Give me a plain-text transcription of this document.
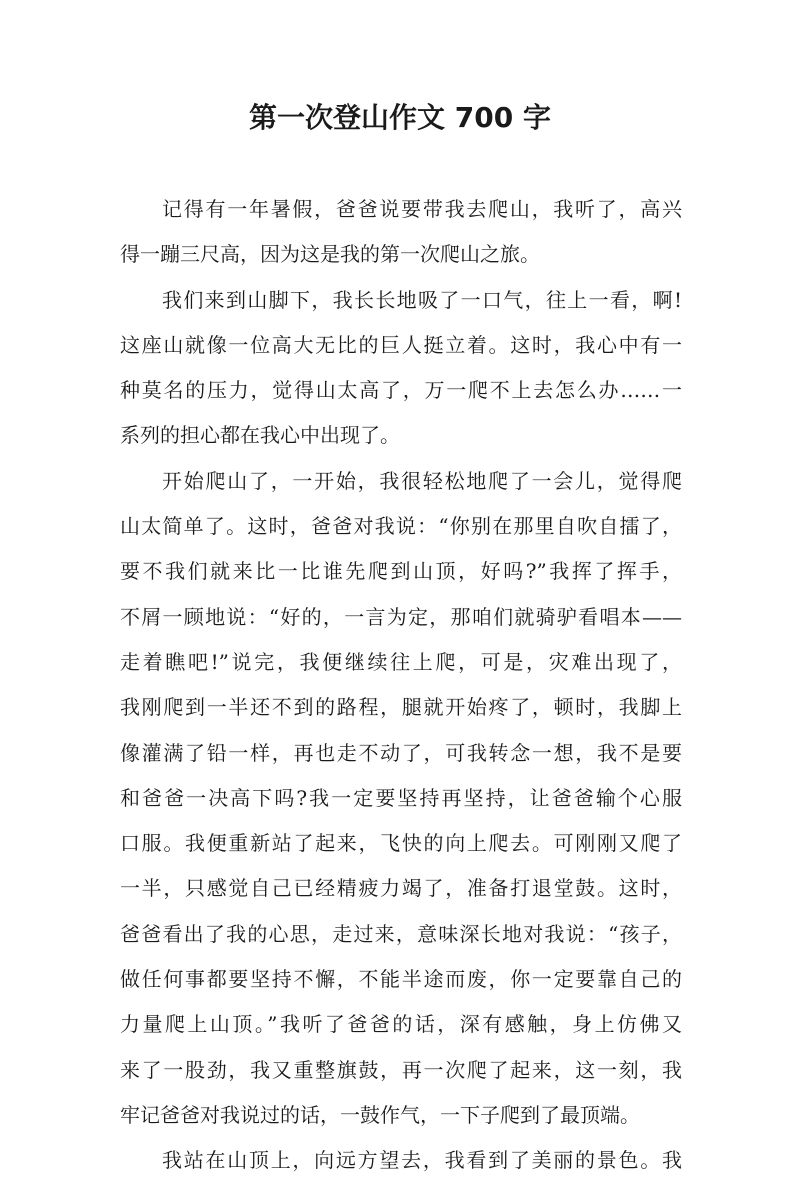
第一次登山作文 700 字
记得有一年暑假，爸爸说要带我去爬山，我听了，高兴
得一蹦三尺高，因为这是我的第一次爬山之旅。
我们来到山脚下，我长长地吸了一口气，往上一看，啊!
这座山就像一位高大无比的巨人挺立着。这时，我心中有一
种莫名的压力，觉得山太高了，万一爬不上去怎么办……一
系列的担心都在我心中出现了。
开始爬山了，一开始，我很轻松地爬了一会儿，觉得爬
山太简单了。这时，爸爸对我说：“你别在那里自吹自擂了，
要不我们就来比一比谁先爬到山顶，好吗?”我挥了挥手，
不屑一顾地说：“好的，一言为定，那咱们就骑驴看唱本——
走着瞧吧!”说完，我便继续往上爬，可是，灾难出现了，
我刚爬到一半还不到的路程，腿就开始疼了，顿时，我脚上
像灌满了铅一样，再也走不动了，可我转念一想，我不是要
和爸爸一决高下吗?我一定要坚持再坚持，让爸爸输个心服
口服。我便重新站了起来，飞快的向上爬去。可刚刚又爬了
一半，只感觉自己已经精疲力竭了，准备打退堂鼓。这时，
爸爸看出了我的心思，走过来，意味深长地对我说：“孩子，
做任何事都要坚持不懈，不能半途而废，你一定要靠自己的
力量爬上山顶。”我听了爸爸的话，深有感触，身上仿佛又
来了一股劲，我又重整旗鼓，再一次爬了起来，这一刻，我
牢记爸爸对我说过的话，一鼓作气，一下子爬到了最顶端。
我站在山顶上，向远方望去，我看到了美丽的景色。我
